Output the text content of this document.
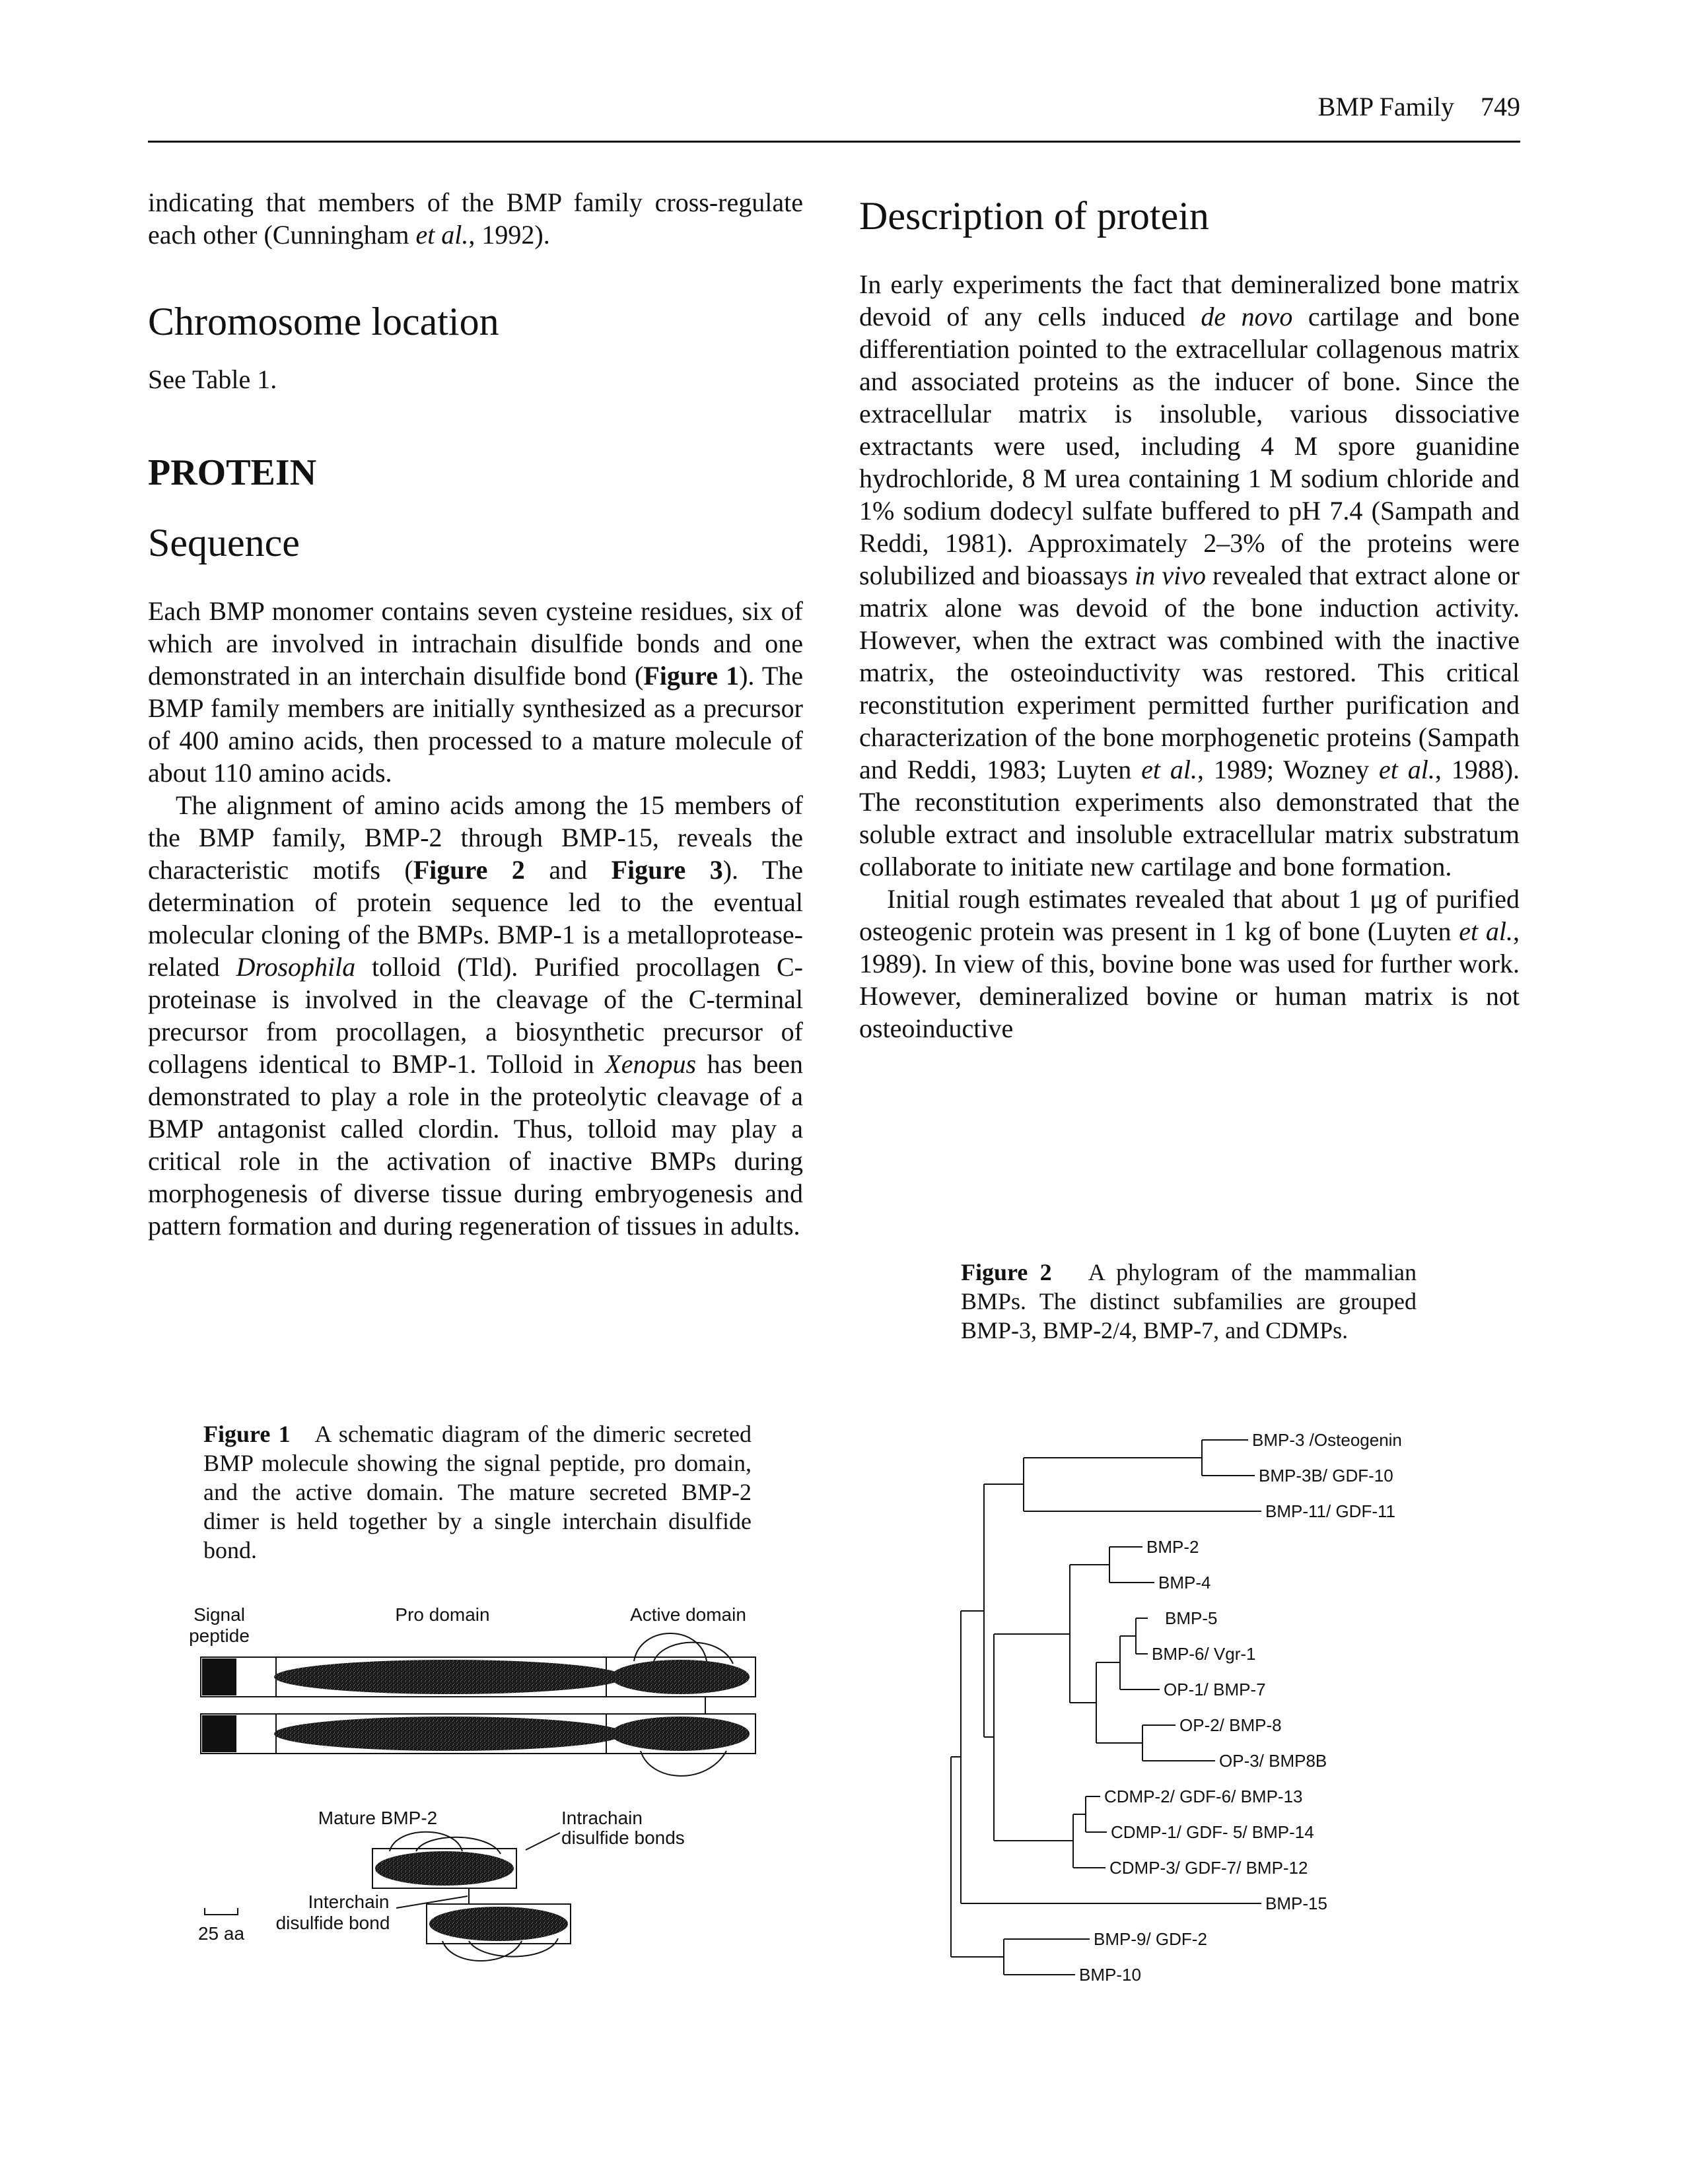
BMP Family 749

indicating that members of the BMP family cross-regulate each other (Cunningham et al., 1992).

Chromosome location

See Table 1.

PROTEIN
Sequence

Each BMP monomer contains seven cysteine residues, six of which are involved in intrachain disulfide bonds and one demonstrated in an interchain disulfide bond (Figure 1). The BMP family members are initially synthesized as a precursor of 400 amino acids, then processed to a mature molecule of about 110 amino acids.

The alignment of amino acids among the 15 members of the BMP family, BMP-2 through BMP-15, reveals the characteristic motifs (Figure 2 and Figure 3). The determination of protein sequence led to the eventual molecular cloning of the BMPs. BMP-1 is a metalloprotease-related Drosophila tolloid (Tld). Purified procollagen C-proteinase is involved in the cleavage of the C-terminal precursor from procollagen, a biosynthetic precursor of collagens identical to BMP-1. Tolloid in Xenopus has been demonstrated to play a role in the proteolytic cleavage of a BMP antagonist called clordin. Thus, tolloid may play a critical role in the activation of inactive BMPs during morphogenesis of diverse tissue during embryogenesis and pattern formation and during regeneration of tissues in adults.

Description of protein

In early experiments the fact that demineralized bone matrix devoid of any cells induced de novo cartilage and bone differentiation pointed to the extracellular collagenous matrix and associated proteins as the inducer of bone. Since the extracellular matrix is insoluble, various dissociative extractants were used, including 4 M spore guanidine hydrochloride, 8 M urea containing 1 M sodium chloride and 1% sodium dodecyl sulfate buffered to pH 7.4 (Sampath and Reddi, 1981). Approximately 2–3% of the proteins were solubilized and bioassays in vivo revealed that extract alone or matrix alone was devoid of the bone induction activity. However, when the extract was combined with the inactive matrix, the osteoinductivity was restored. This critical reconstitution experiment permitted further purification and characterization of the bone morphogenetic proteins (Sampath and Reddi, 1983; Luyten et al., 1989; Wozney et al., 1988). The reconstitution experiments also demonstrated that the soluble extract and insoluble extracellular matrix substratum collaborate to initiate new cartilage and bone formation.

Initial rough estimates revealed that about 1 μg of purified osteogenic protein was present in 1 kg of bone (Luyten et al., 1989). In view of this, bovine bone was used for further work. However, demineralized bovine or human matrix is not osteoinductive

Figure 1 A schematic diagram of the dimeric secreted BMP molecule showing the signal peptide, pro domain, and the active domain. The mature secreted BMP-2 dimer is held together by a single interchain disulfide bond.
Figure 2 A phylogram of the mammalian BMPs. The distinct subfamilies are grouped BMP-3, BMP-2/4, BMP-7, and CDMPs.
Signal
peptide
Pro domain	Active domain
Mature BMP-2	Intrachain
disulfide bonds
Interchain
disulfide bond
25 aa
BMP-3 /Osteogenin
BMP-3B/ GDF-10
BMP-11/ GDF-11
BMP-2
BMP-4
BMP-5
BMP-6/ Vgr-1
OP-1/ BMP-7
OP-2/ BMP-8
OP-3/ BMP8B
CDMP-2/ GDF-6/ BMP-13
CDMP-1/ GDF- 5/ BMP-14
CDMP-3/ GDF-7/ BMP-12
BMP-15
BMP-9/ GDF-2
BMP-10
